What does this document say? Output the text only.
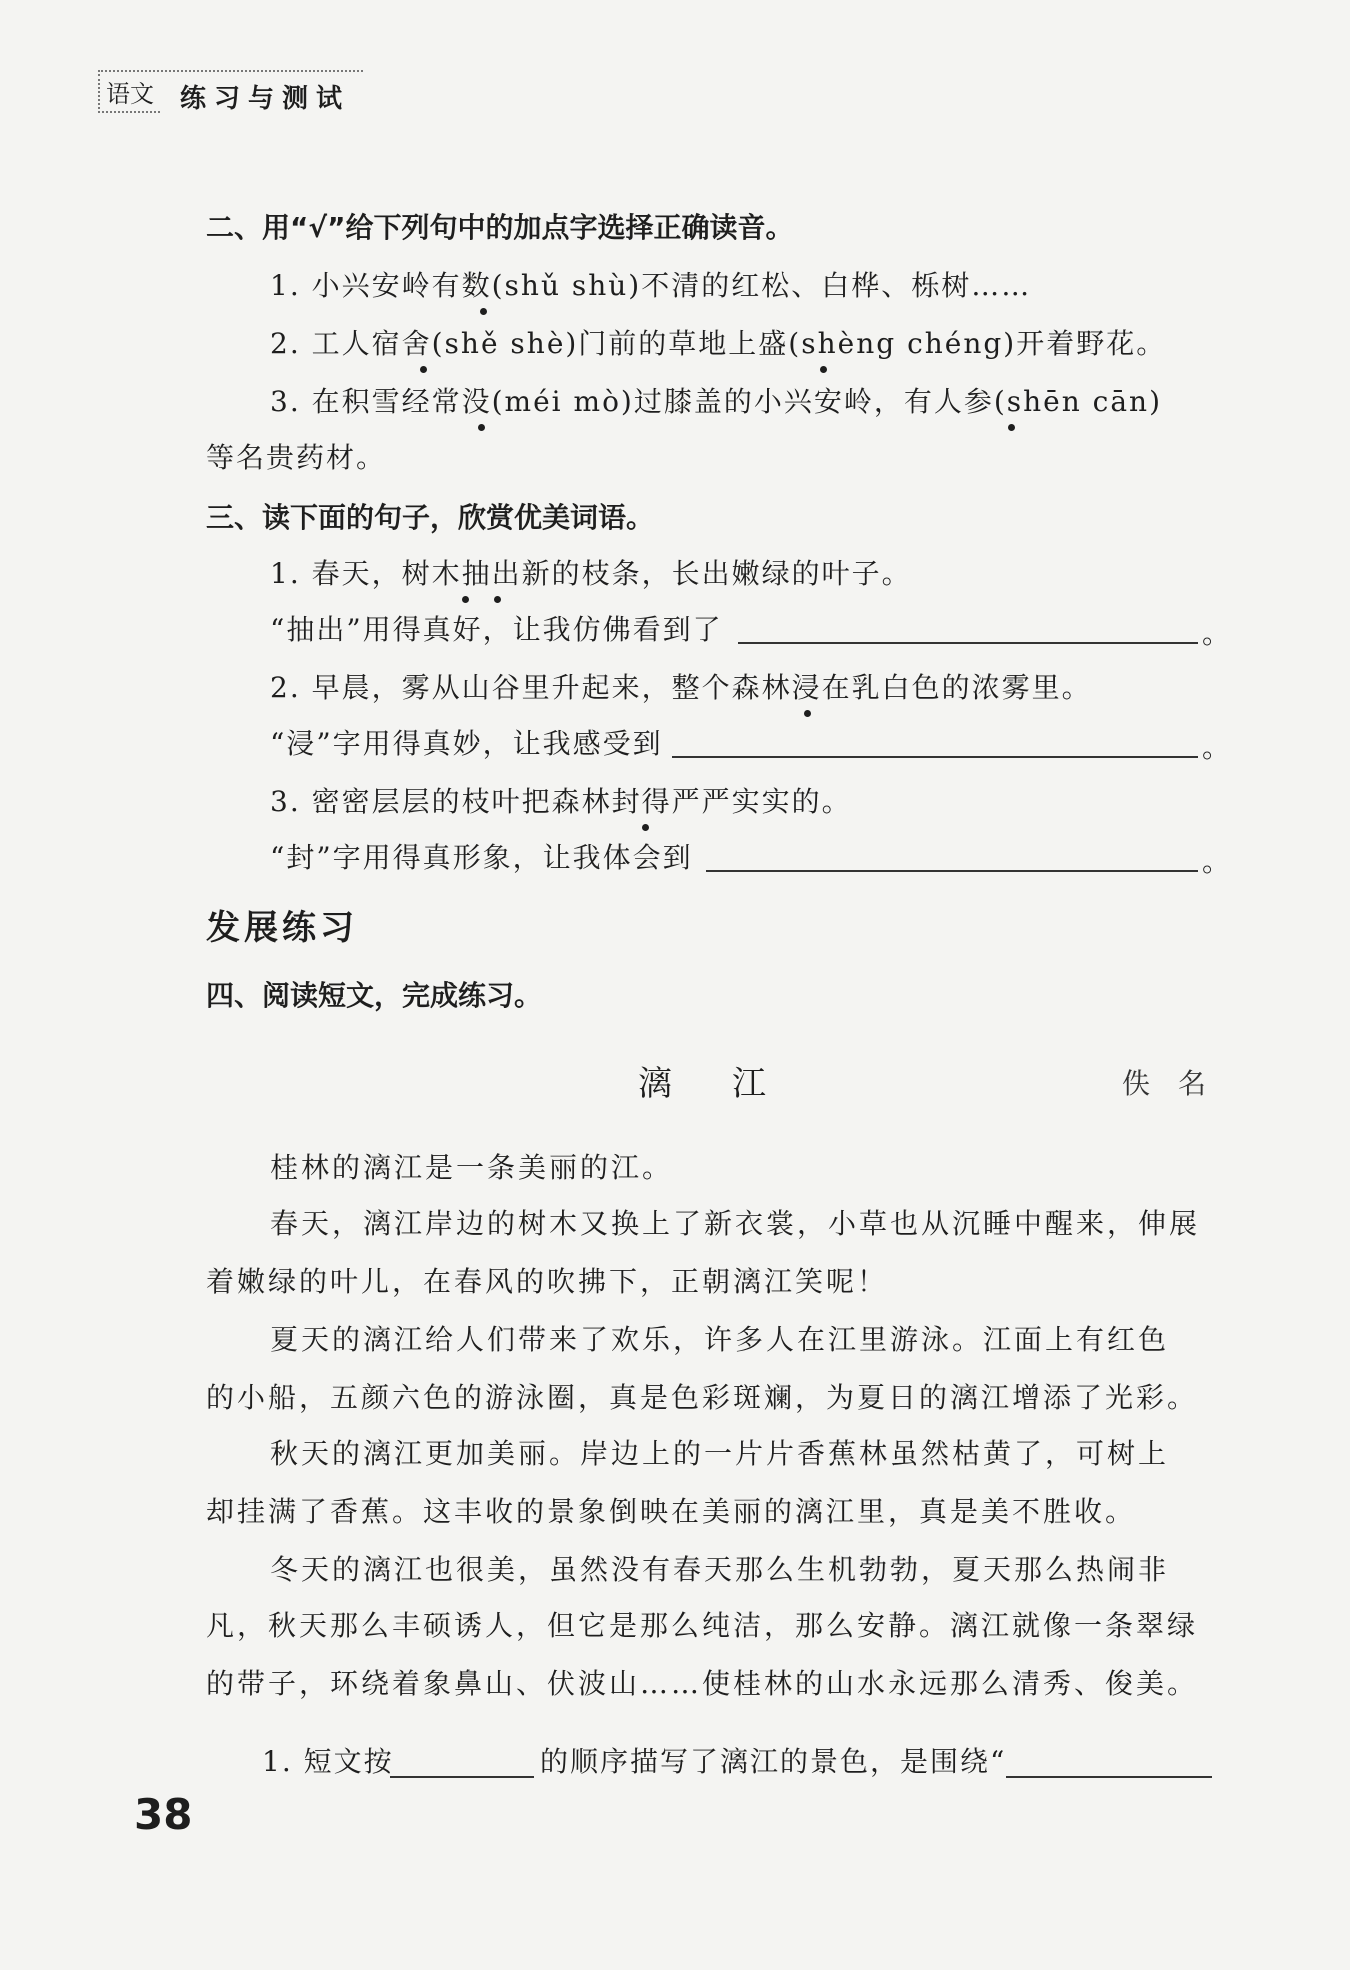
语文 练习与测试
二、用“√”给下列句中的加点字选择正确读音。
1. 小兴安岭有数(shǔ shù)不清的红松、白桦、栎树……
2. 工人宿舍(shě shè)门前的草地上盛(shèng chéng)开着野花。
3. 在积雪经常没(méi mò)过膝盖的小兴安岭，有人参(shēn cān)
等名贵药材。
三、读下面的句子，欣赏优美词语。
1. 春天，树木抽出新的枝条，长出嫩绿的叶子。
“抽出”用得真好，让我仿佛看到了	。
2. 早晨，雾从山谷里升起来，整个森林浸在乳白色的浓雾里。
“浸”字用得真妙，让我感受到	。
3. 密密层层的枝叶把森林封得严严实实的。
“封”字用得真形象，让我体会到	。
发展练习
四、阅读短文，完成练习。
漓江	佚名
桂林的漓江是一条美丽的江。
春天，漓江岸边的树木又换上了新衣裳，小草也从沉睡中醒来，伸展
着嫩绿的叶儿，在春风的吹拂下，正朝漓江笑呢！
夏天的漓江给人们带来了欢乐，许多人在江里游泳。江面上有红色
的小船，五颜六色的游泳圈，真是色彩斑斓，为夏日的漓江增添了光彩。
秋天的漓江更加美丽。岸边上的一片片香蕉林虽然枯黄了，可树上
却挂满了香蕉。这丰收的景象倒映在美丽的漓江里，真是美不胜收。
冬天的漓江也很美，虽然没有春天那么生机勃勃，夏天那么热闹非
凡，秋天那么丰硕诱人，但它是那么纯洁，那么安静。漓江就像一条翠绿
的带子，环绕着象鼻山、伏波山……使桂林的山水永远那么清秀、俊美。
1. 短文按	的顺序描写了漓江的景色，是围绕“
38
